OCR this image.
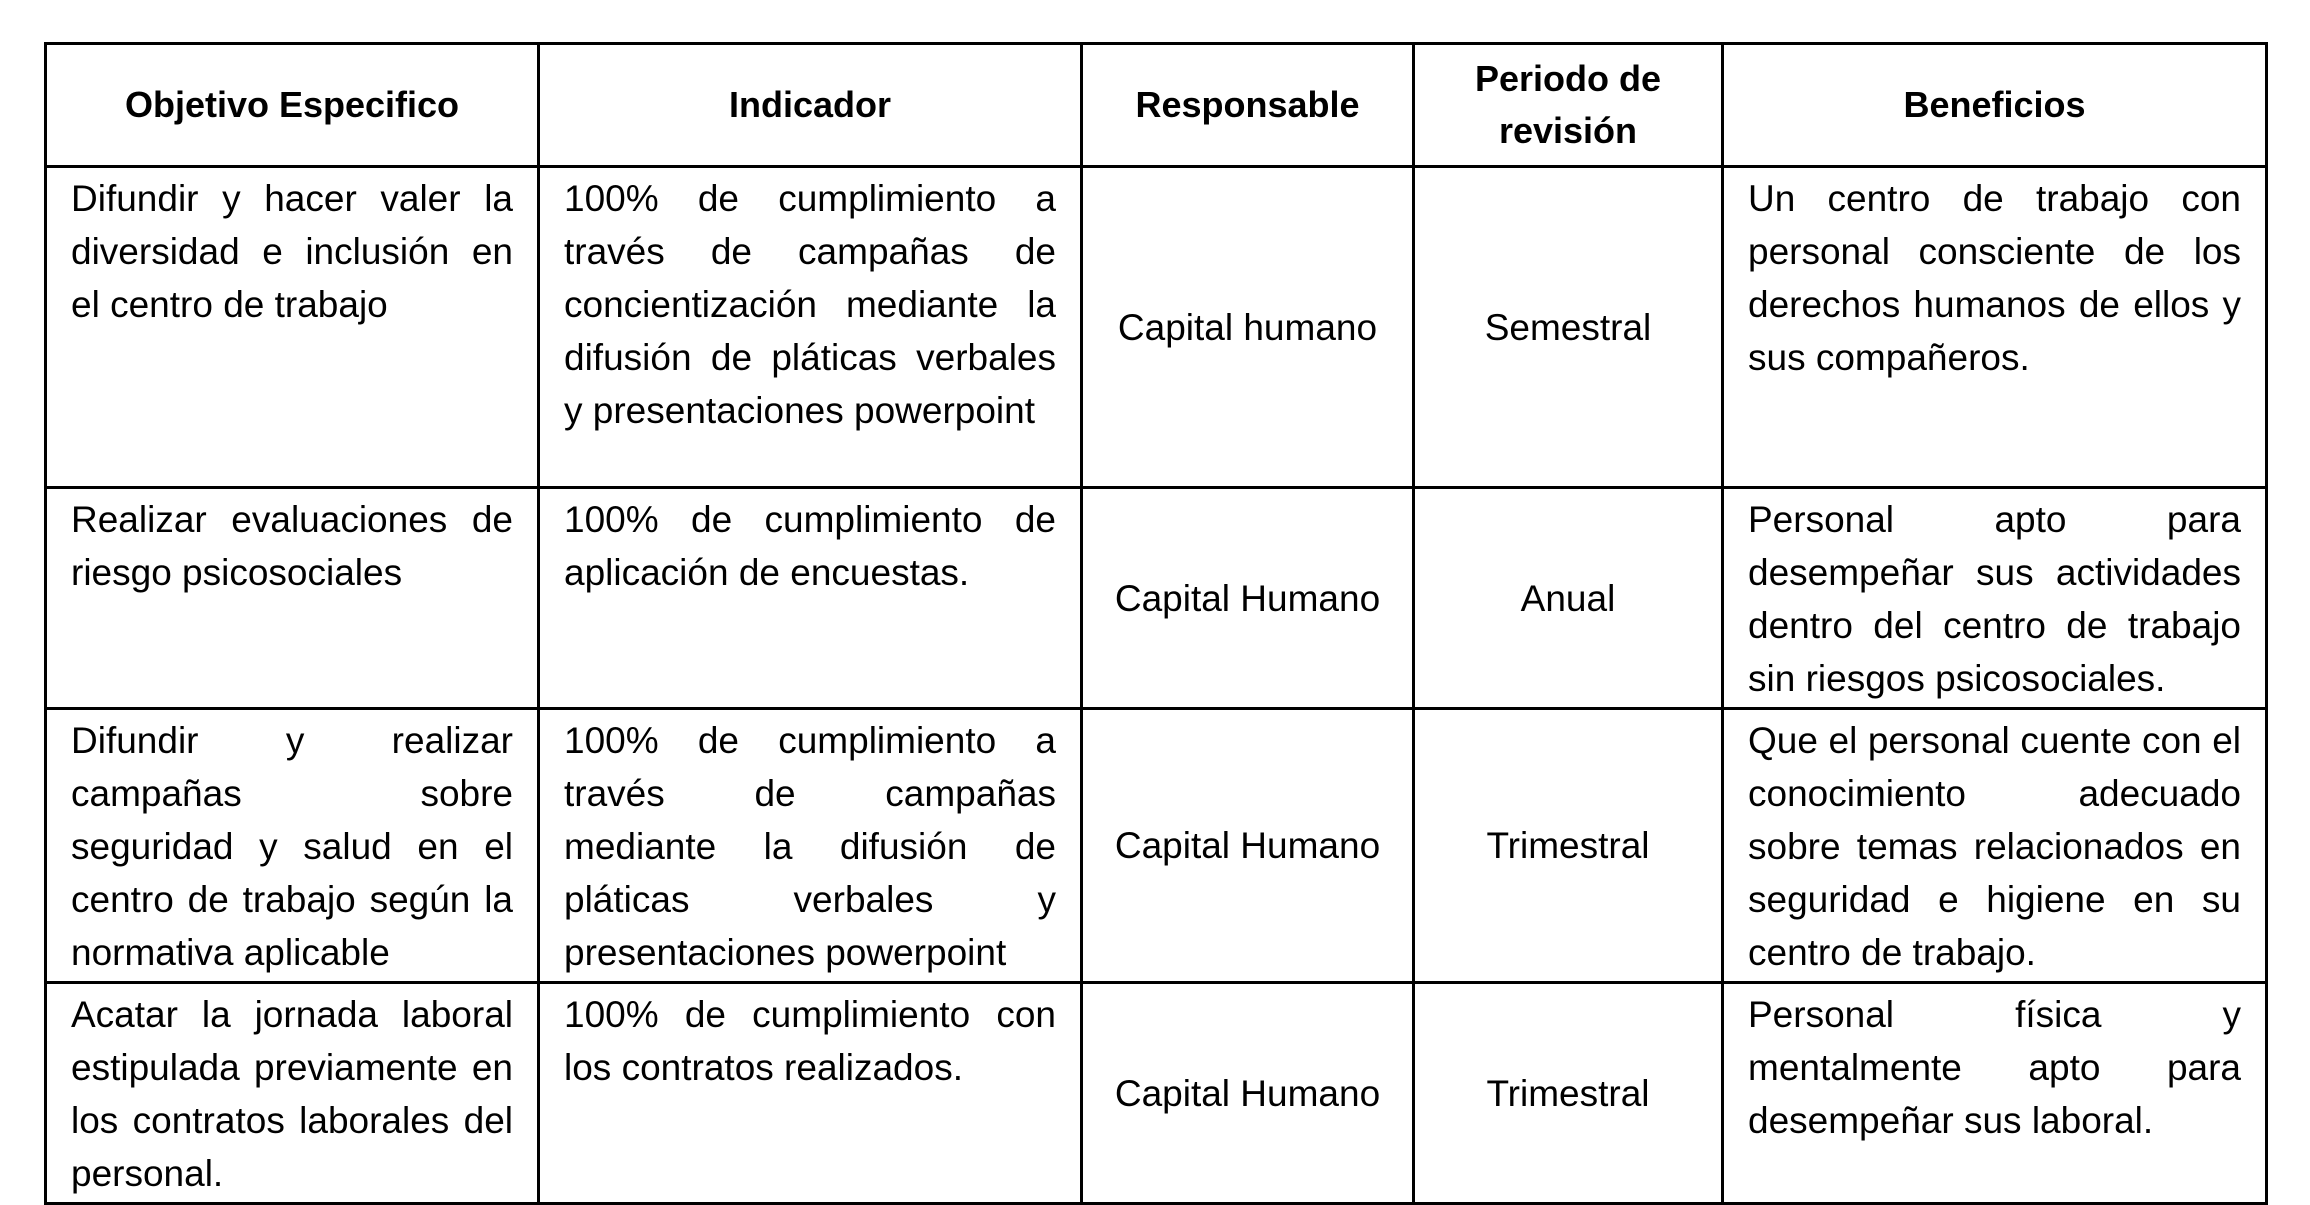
Objetivo Especifico	Indicador	Responsable	Periodo de revisión	Beneficios

Difundir y hacer valer la diversidad e inclusión en el centro de trabajo	100% de cumplimiento a través de campañas de concientización mediante la difusión de pláticas verbales y presentaciones powerpoint	Capital humano	Semestral	Un centro de trabajo con personal consciente de los derechos humanos de ellos y sus compañeros.

Realizar evaluaciones de riesgo psicosociales	100% de cumplimiento de aplicación de encuestas.	Capital Humano	Anual	Personal apto para desempeñar sus actividades dentro del centro de trabajo sin riesgos psicosociales.

Difundir y realizar campañas sobre seguridad y salud en el centro de trabajo según la normativa aplicable	100% de cumplimiento a través de campañas mediante la difusión de pláticas verbales y presentaciones powerpoint	Capital Humano	Trimestral	Que el personal cuente con el conocimiento adecuado sobre temas relacionados en seguridad e higiene en su centro de trabajo.

Acatar la jornada laboral estipulada previamente en los contratos laborales del personal.	100% de cumplimiento con los contratos realizados.	Capital Humano	Trimestral	Personal física y mentalmente apto para desempeñar sus laboral.
